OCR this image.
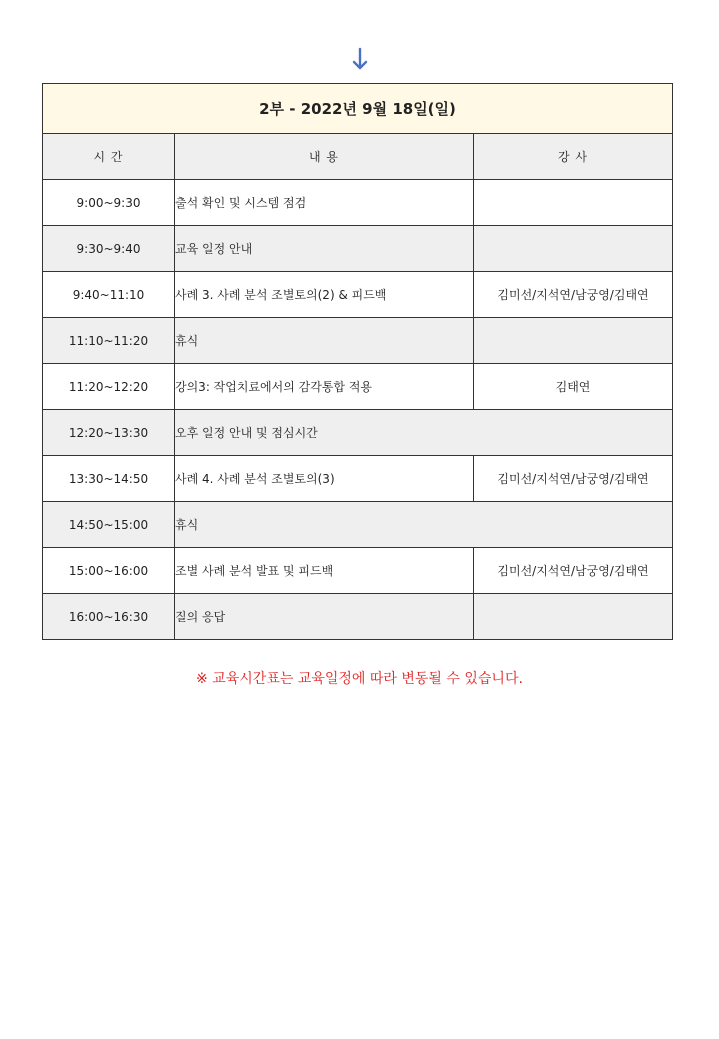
2부 - 2022년 9월 18일(일)		
시 간	내 용	강 사
9:00~9:30	출석 확인 및 시스템 점검	
9:30~9:40	교육 일정 안내	
9:40~11:10	사례 3. 사례 분석 조별토의(2) & 피드백	김미선/지석연/남궁영/김태연
11:10~11:20	휴식	
11:20~12:20	강의3: 작업치료에서의 감각통합 적용	김태연
12:20~13:30	오후 일정 안내 및 점심시간	
13:30~14:50	사례 4. 사례 분석 조별토의(3)	김미선/지석연/남궁영/김태연
14:50~15:00	휴식	
15:00~16:00	조별 사례 분석 발표 및 피드백	김미선/지석연/남궁영/김태연
16:00~16:30	질의 응답	
※ 교육시간표는 교육일정에 따라 변동될 수 있습니다.
